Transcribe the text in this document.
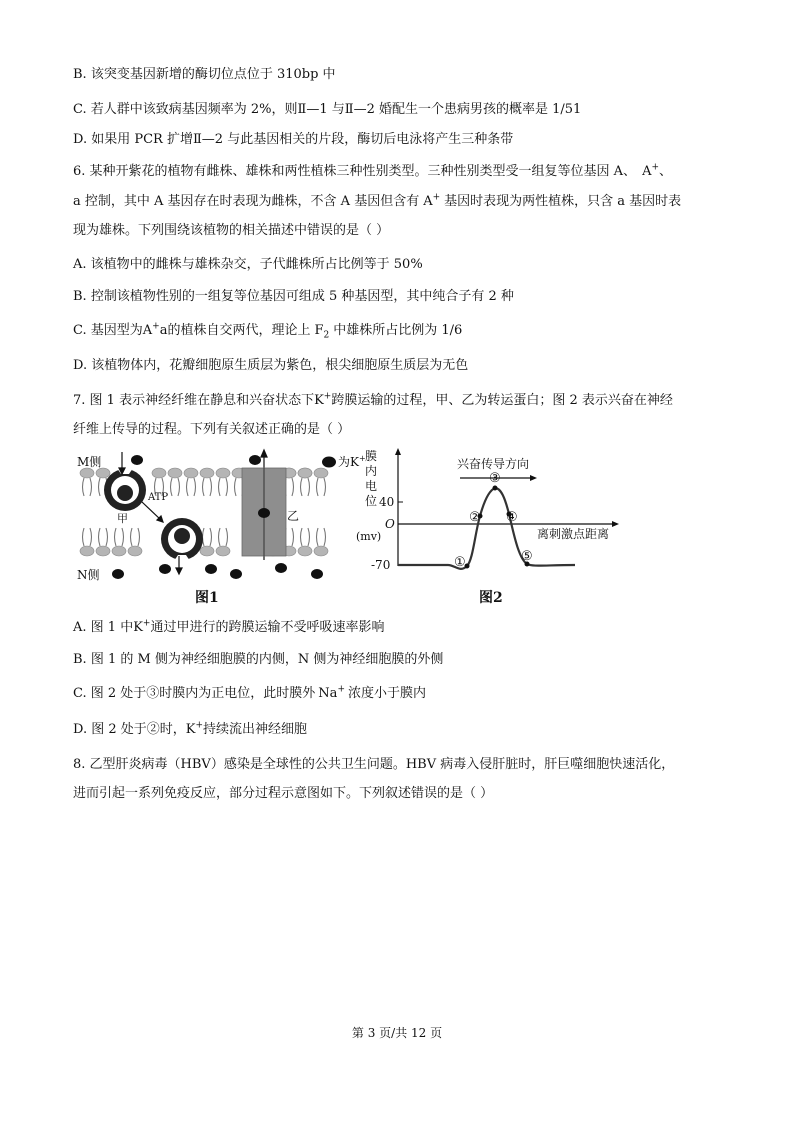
B. 该突变基因新增的酶切位点位于 310bp 中
C. 若人群中该致病基因频率为 2%，则Ⅱ—1 与Ⅱ—2 婚配生一个患病男孩的概率是 1/51
D. 如果用 PCR 扩增Ⅱ—2 与此基因相关的片段，酶切后电泳将产生三种条带
6. 某种开紫花的植物有雌株、雄株和两性植株三种性别类型。三种性别类型受一组复等位基因 A、 A+、
a 控制，其中 A 基因存在时表现为雌株，不含 A 基因但含有 A+ 基因时表现为两性植株，只含 a 基因时表
现为雄株。下列围绕该植物的相关描述中错误的是（ ）
A. 该植物中的雌株与雄株杂交，子代雌株所占比例等于 50%
B. 控制该植物性别的一组复等位基因可组成 5 种基因型，其中纯合子有 2 种
C. 基因型为A+a的植株自交两代，理论上 $F_2$ 中雄株所占比例为 1/6
D. 该植物体内，花瓣细胞原生质层为紫色，根尖细胞原生质层为无色
7. 图 1 表示神经纤维在静息和兴奋状态下K+跨膜运输的过程，甲、乙为转运蛋白；图 2 表示兴奋在神经
纤维上传导的过程。下列有关叙述正确的是（ ）
M侧
N侧
ATP
甲	乙
为K+
图1
兴奋传导方向
膜
内
电
位
(mv)
40
O
-70
离刺激点距离
①
②
③
④
⑤
图2
A. 图 1 中K+通过甲进行的跨膜运输不受呼吸速率影响
B. 图 1 的 M 侧为神经细胞膜的内侧，N 侧为神经细胞膜的外侧
C. 图 2 处于③时膜内为正电位，此时膜外 Na+ 浓度小于膜内
D. 图 2 处于②时，K+持续流出神经细胞
8. 乙型肝炎病毒（HBV）感染是全球性的公共卫生问题。HBV 病毒入侵肝脏时，肝巨噬细胞快速活化，
进而引起一系列免疫反应，部分过程示意图如下。下列叙述错误的是（ ）
第 3 页/共 12 页
